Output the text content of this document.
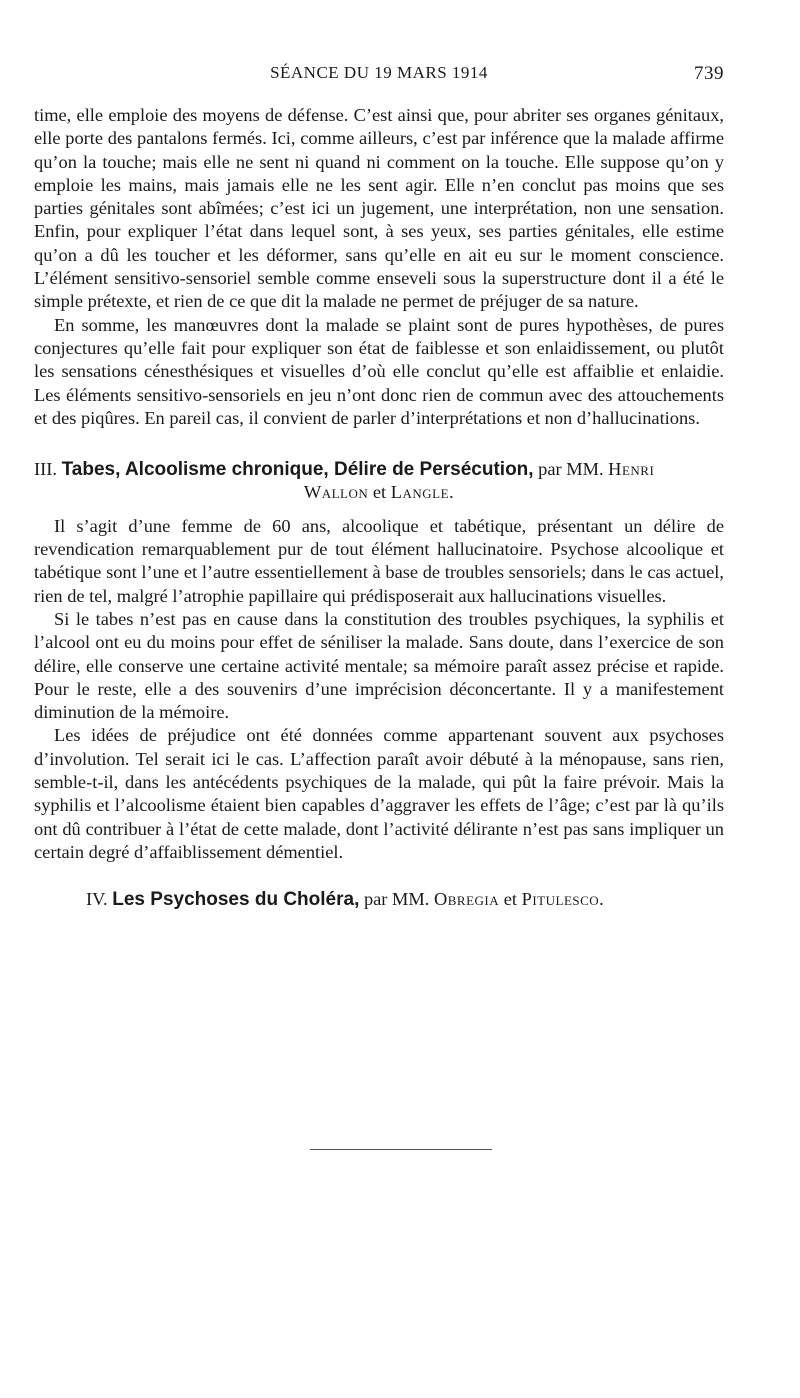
SÉANCE DU 19 MARS 1914	739

time, elle emploie des moyens de défense. C’est ainsi que, pour abriter ses organes génitaux, elle porte des pantalons fermés. Ici, comme ailleurs, c’est par inférence que la malade affirme qu’on la touche; mais elle ne sent ni quand ni comment on la touche. Elle suppose qu’on y emploie les mains, mais jamais elle ne les sent agir. Elle n’en conclut pas moins que ses parties génitales sont abîmées; c’est ici un jugement, une interprétation, non une sensation. Enfin, pour expliquer l’état dans lequel sont, à ses yeux, ses parties génitales, elle estime qu’on a dû les toucher et les déformer, sans qu’elle en ait eu sur le moment conscience. L’élément sensitivo-sensoriel semble comme enseveli sous la superstructure dont il a été le simple prétexte, et rien de ce que dit la malade ne permet de préjuger de sa nature.

En somme, les manœuvres dont la malade se plaint sont de pures hypothèses, de pures conjectures qu’elle fait pour expliquer son état de faiblesse et son enlaidissement, ou plutôt les sensations cénesthésiques et visuelles d’où elle conclut qu’elle est affaiblie et enlaidie. Les éléments sensitivo-sensoriels en jeu n’ont donc rien de commun avec des attouchements et des piqûres. En pareil cas, il convient de parler d’interprétations et non d’hallucinations.

III. Tabes, Alcoolisme chronique, Délire de Persécution, par MM. Henri
Wallon et Langle.

Il s’agit d’une femme de 60 ans, alcoolique et tabétique, présentant un délire de revendication remarquablement pur de tout élément hallucinatoire. Psychose alcoolique et tabétique sont l’une et l’autre essentiellement à base de troubles sensoriels; dans le cas actuel, rien de tel, malgré l’atrophie papillaire qui prédisposerait aux hallucinations visuelles.

Si le tabes n’est pas en cause dans la constitution des troubles psychiques, la syphilis et l’alcool ont eu du moins pour effet de séniliser la malade. Sans doute, dans l’exercice de son délire, elle conserve une certaine activité mentale; sa mémoire paraît assez précise et rapide. Pour le reste, elle a des souvenirs d’une imprécision déconcertante. Il y a manifestement diminution de la mémoire.

Les idées de préjudice ont été données comme appartenant souvent aux psychoses d’involution. Tel serait ici le cas. L’affection paraît avoir débuté à la ménopause, sans rien, semble-t-il, dans les antécédents psychiques de la malade, qui pût la faire prévoir. Mais la syphilis et l’alcoolisme étaient bien capables d’aggraver les effets de l’âge; c’est par là qu’ils ont dû contribuer à l’état de cette malade, dont l’activité délirante n’est pas sans impliquer un certain degré d’affaiblissement démentiel.

IV. Les Psychoses du Choléra, par MM. Obregia et Pitulesco.
